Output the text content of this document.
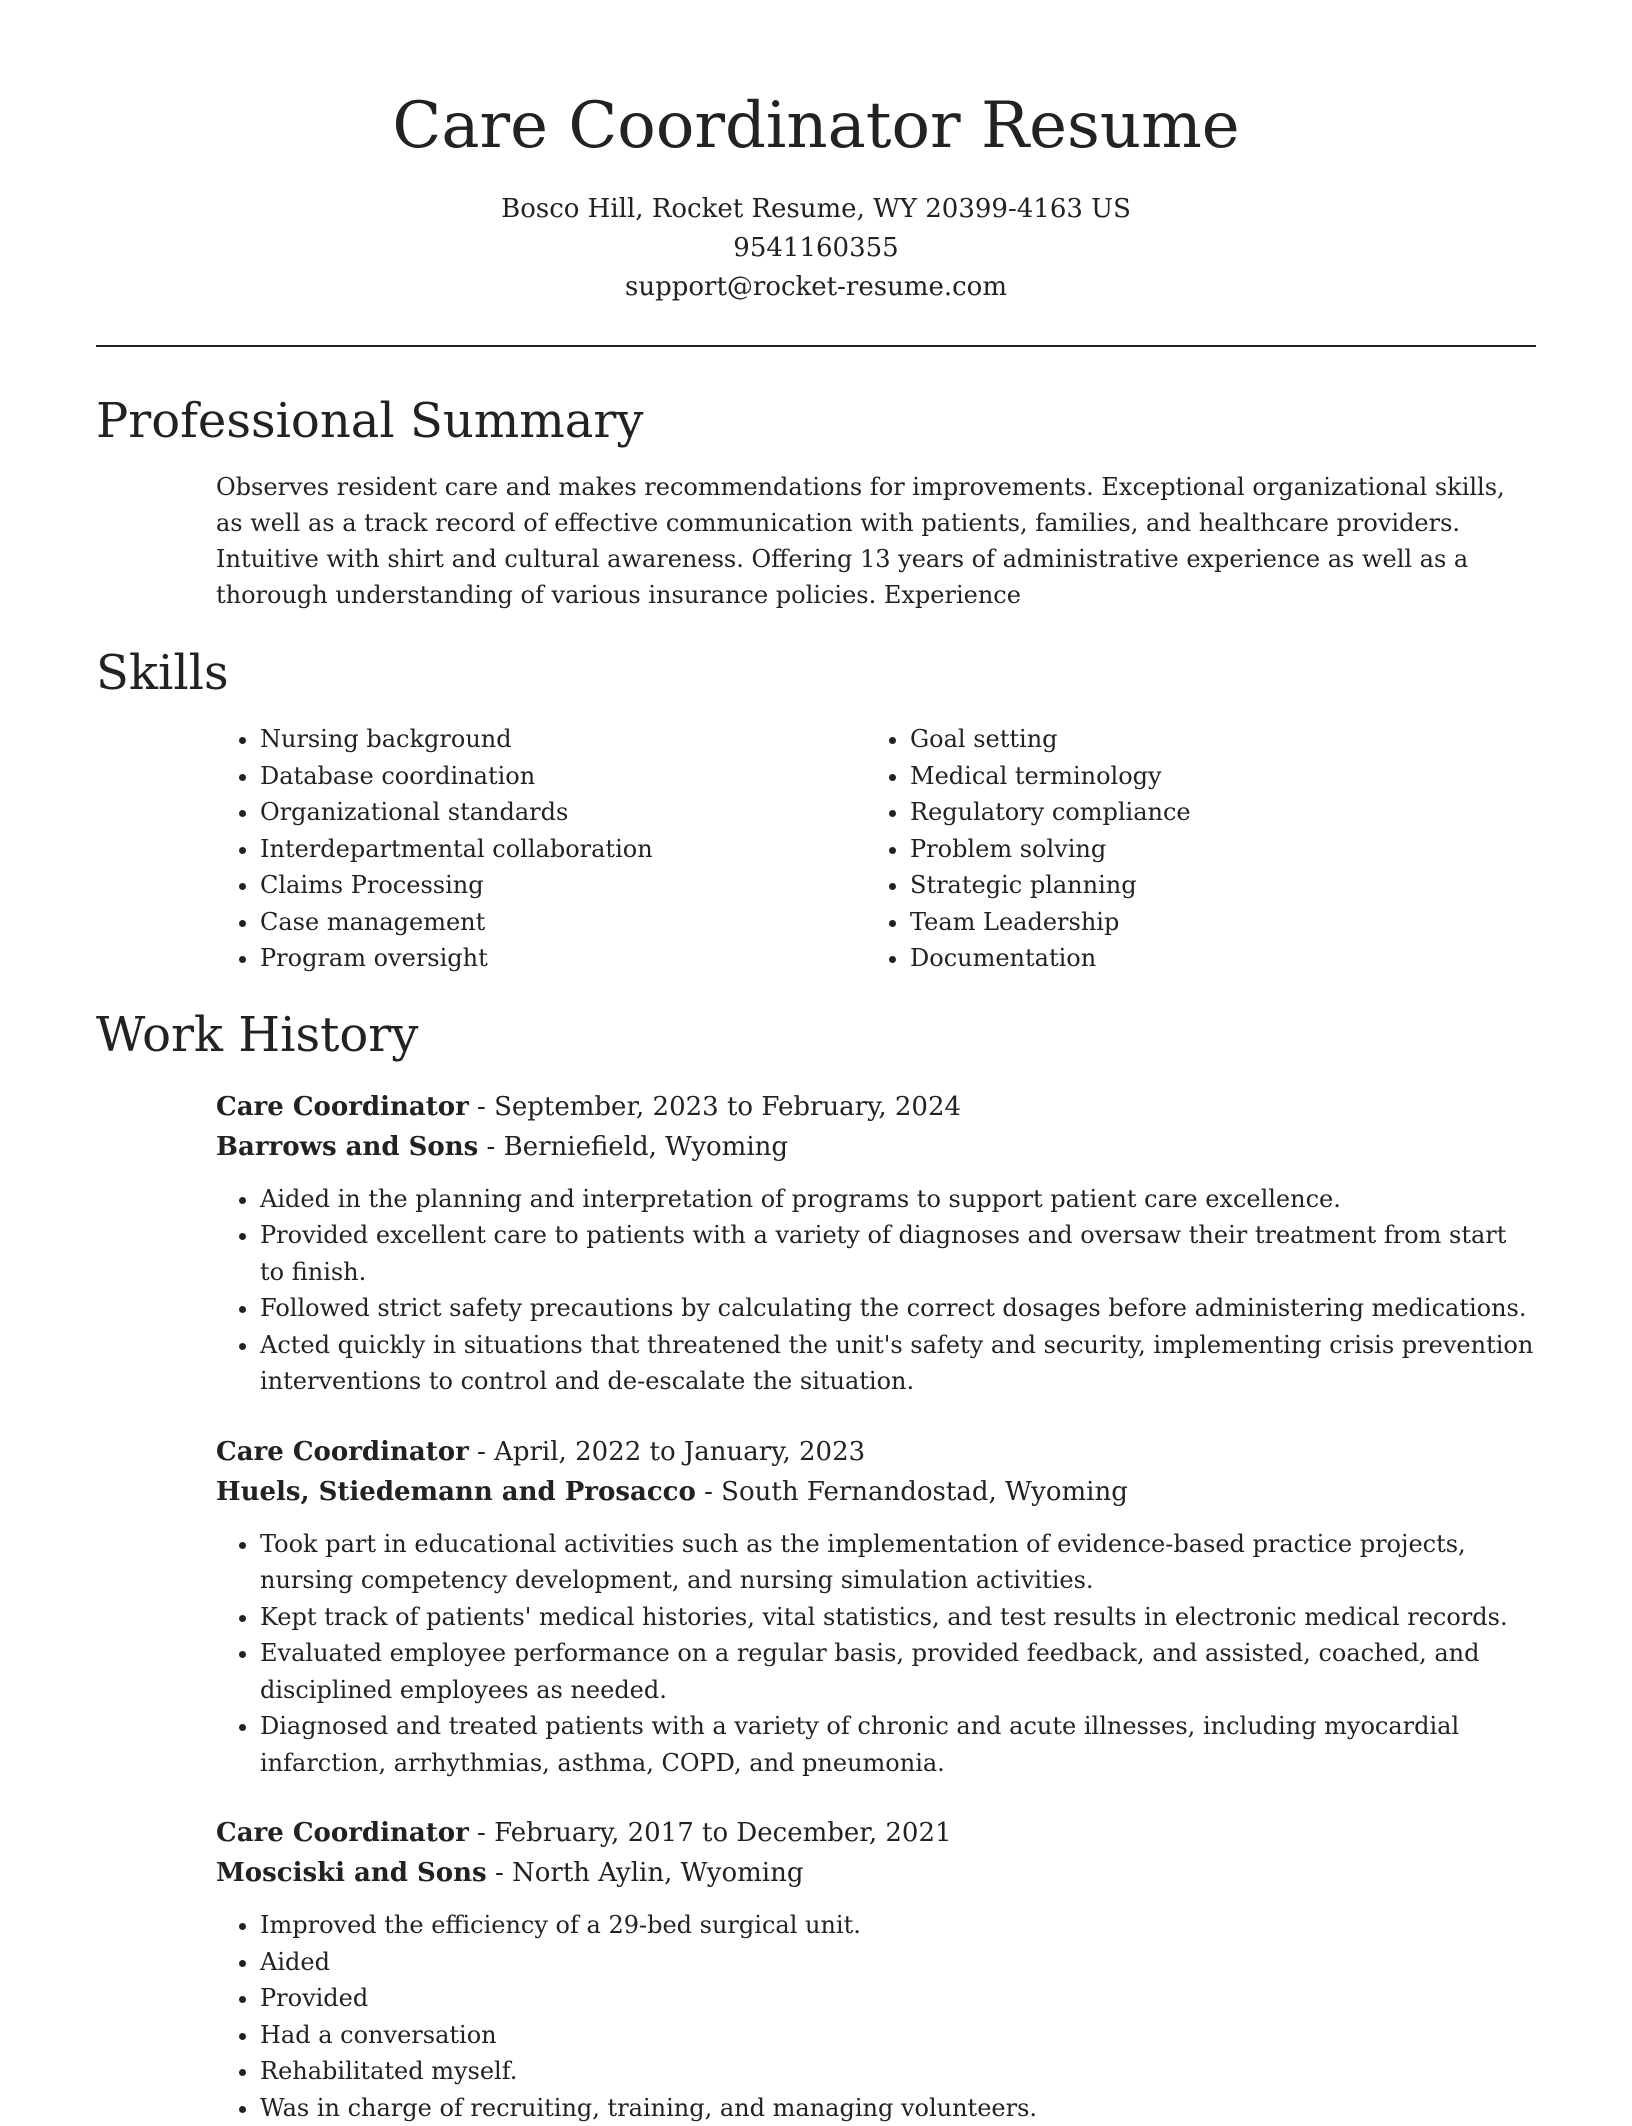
Care Coordinator Resume
Bosco Hill, Rocket Resume, WY 20399-4163 US
9541160355
support@rocket-resume.com
Professional Summary

Observes resident care and makes recommendations for improvements. Exceptional organizational skills, as well as a track record of effective communication with patients, families, and healthcare providers. Intuitive with shirt and cultural awareness. Offering 13 years of administrative experience as well as a thorough understanding of various insurance policies. Experience

Skills
• Nursing background
• Database coordination
• Organizational standards
• Interdepartmental collaboration
• Claims Processing
• Case management
• Program oversight
• Goal setting
• Medical terminology
• Regulatory compliance
• Problem solving
• Strategic planning
• Team Leadership
• Documentation
Work History
Care Coordinator - September, 2023 to February, 2024
Barrows and Sons - Berniefield, Wyoming
• Aided in the planning and interpretation of programs to support patient care excellence.
• Provided excellent care to patients with a variety of diagnoses and oversaw their treatment from start to finish.
• Followed strict safety precautions by calculating the correct dosages before administering medications.
• Acted quickly in situations that threatened the unit's safety and security, implementing crisis prevention interventions to control and de-escalate the situation.
Care Coordinator - April, 2022 to January, 2023
Huels, Stiedemann and Prosacco - South Fernandostad, Wyoming
• Took part in educational activities such as the implementation of evidence-based practice projects, nursing competency development, and nursing simulation activities.
• Kept track of patients' medical histories, vital statistics, and test results in electronic medical records.
• Evaluated employee performance on a regular basis, provided feedback, and assisted, coached, and disciplined employees as needed.
• Diagnosed and treated patients with a variety of chronic and acute illnesses, including myocardial infarction, arrhythmias, asthma, COPD, and pneumonia.
Care Coordinator - February, 2017 to December, 2021
Mosciski and Sons - North Aylin, Wyoming
• Improved the efficiency of a 29-bed surgical unit.
• Aided
• Provided
• Had a conversation
• Rehabilitated myself.
• Was in charge of recruiting, training, and managing volunteers.
